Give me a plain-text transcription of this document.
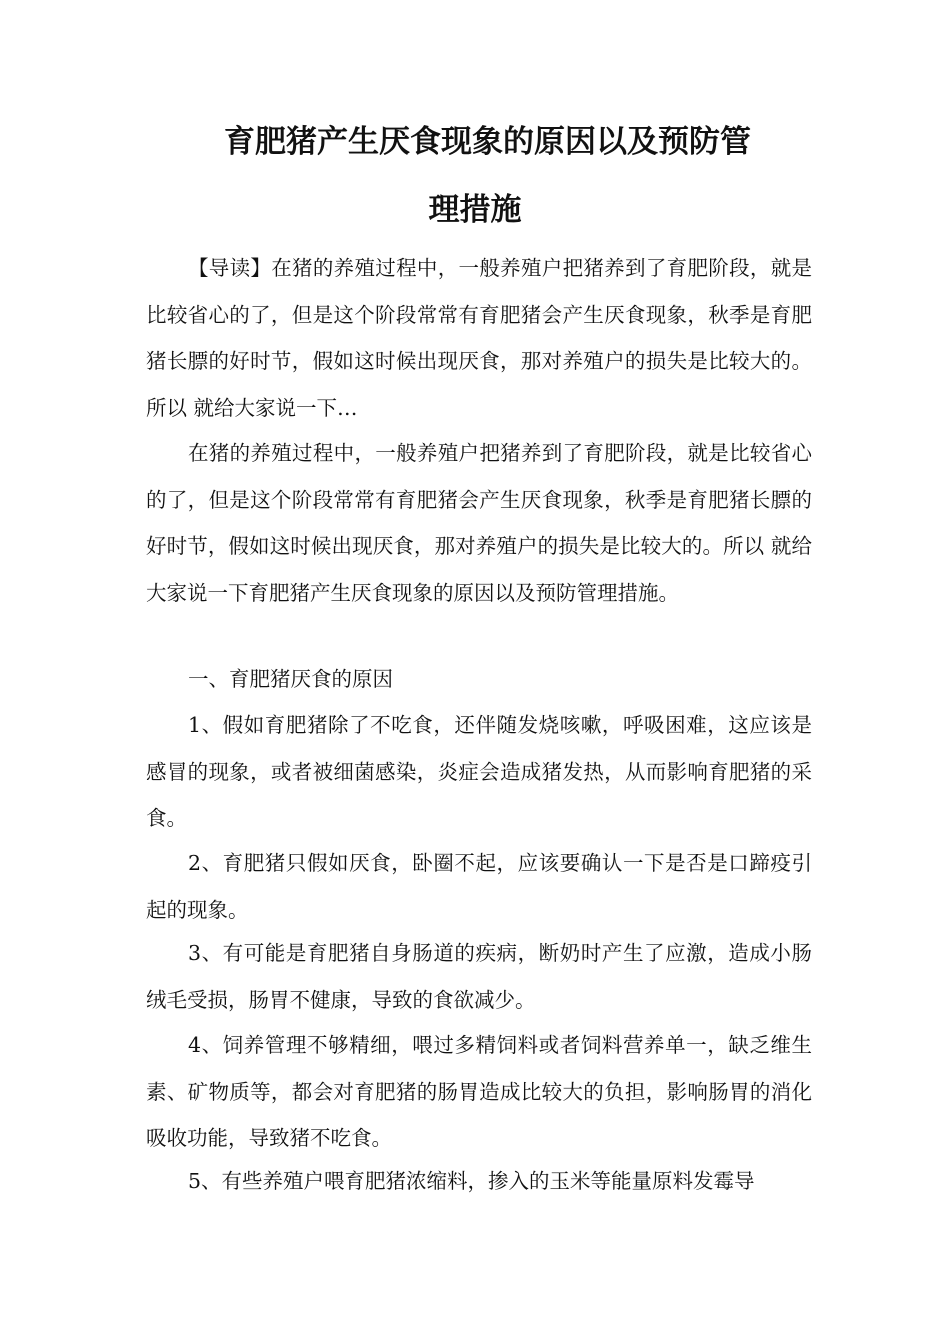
育肥猪产生厌食现象的原因以及预防管
理措施

【导读】在猪的养殖过程中，一般养殖户把猪养到了育肥阶段，就是比较省心的了，但是这个阶段常常有育肥猪会产生厌食现象，秋季是育肥猪长膘的好时节，假如这时候出现厌食，那对养殖户的损失是比较大的。所以 就给大家说一下…

在猪的养殖过程中，一般养殖户把猪养到了育肥阶段，就是比较省心的了，但是这个阶段常常有育肥猪会产生厌食现象，秋季是育肥猪长膘的好时节，假如这时候出现厌食，那对养殖户的损失是比较大的。所以 就给大家说一下育肥猪产生厌食现象的原因以及预防管理措施。

一、育肥猪厌食的原因

1、假如育肥猪除了不吃食，还伴随发烧咳嗽，呼吸困难，这应该是感冒的现象，或者被细菌感染，炎症会造成猪发热，从而影响育肥猪的采食。

2、育肥猪只假如厌食，卧圈不起，应该要确认一下是否是口蹄疫引起的现象。

3、有可能是育肥猪自身肠道的疾病，断奶时产生了应激，造成小肠绒毛受损，肠胃不健康，导致的食欲减少。

4、饲养管理不够精细，喂过多精饲料或者饲料营养单一，缺乏维生素、矿物质等，都会对育肥猪的肠胃造成比较大的负担，影响肠胃的消化吸收功能，导致猪不吃食。

5、有些养殖户喂育肥猪浓缩料，掺入的玉米等能量原料发霉导
